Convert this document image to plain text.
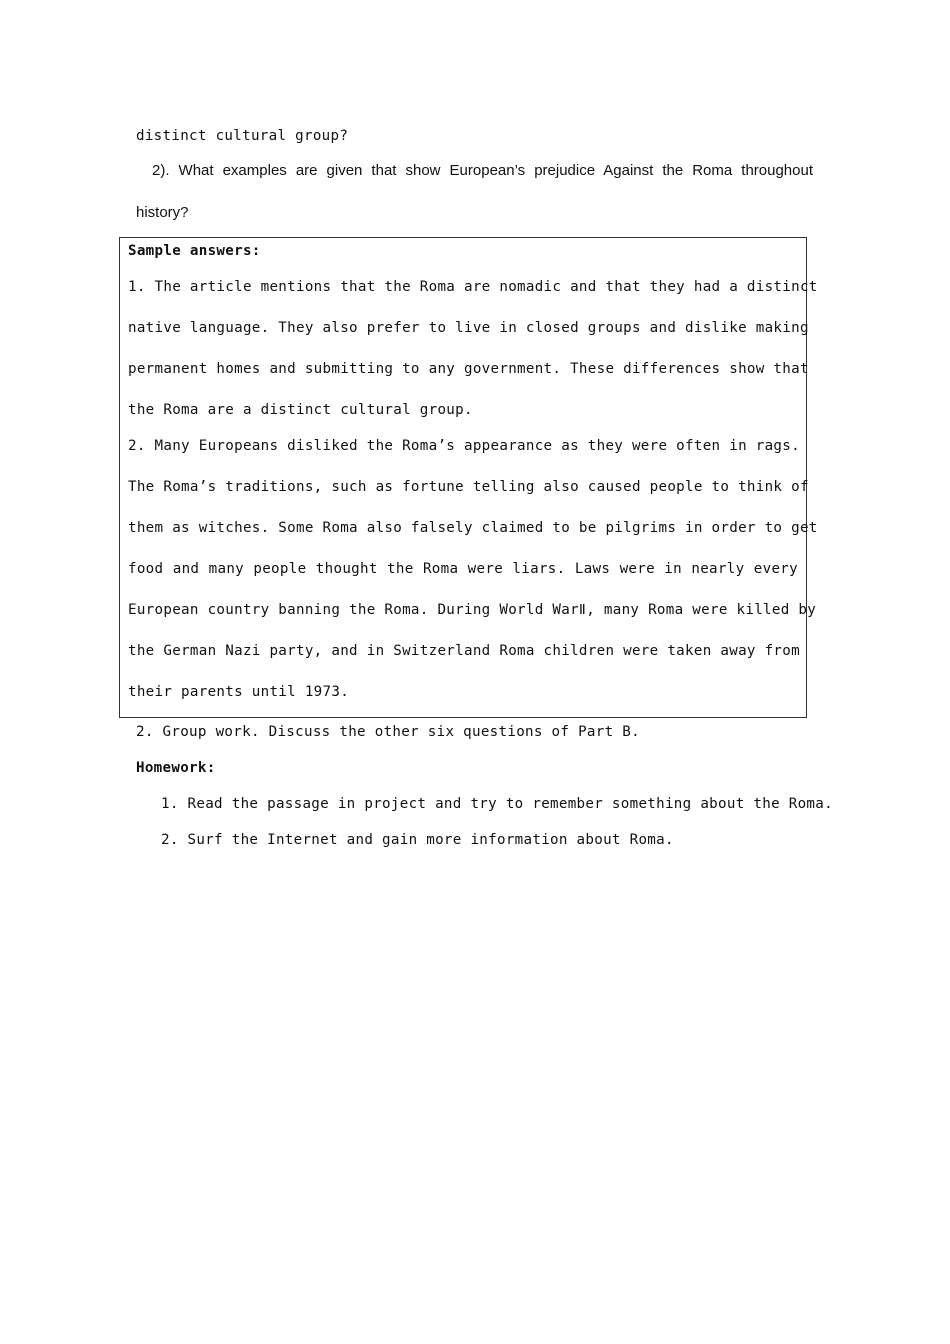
distinct cultural group?
2). What examples are given that show European’s prejudice Against the Roma throughout
history?
Sample answers:
1. The article mentions that the Roma are nomadic and that they had a distinct
native language. They also prefer to live in closed groups and dislike making
permanent homes and submitting to any government. These differences show that
the Roma are a distinct cultural group.
2. Many Europeans disliked the Roma’s appearance as they were often in rags.
The Roma’s traditions, such as fortune telling also caused people to think of
them as witches. Some Roma also falsely claimed to be pilgrims in order to get
food and many people thought the Roma were liars. Laws were in nearly every
European country banning the Roma. During World WarⅡ, many Roma were killed by
the German Nazi party, and in Switzerland Roma children were taken away from
their parents until 1973.
2. Group work. Discuss the other six questions of Part B.
Homework:
1. Read the passage in project and try to remember something about the Roma.
2. Surf the Internet and gain more information about Roma.
